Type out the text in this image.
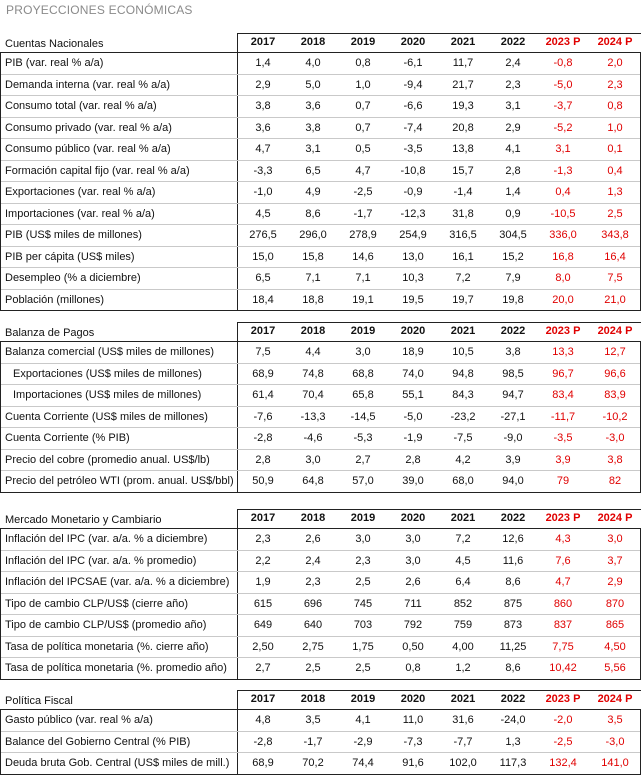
PROYECCIONES ECONÓMICAS
Cuentas Nacionales	2017	2018	2019	2020	2021	2022	2023 P	2024 P
PIB (var. real % a/a)	1,4	4,0	0,8	-6,1	11,7	2,4	-0,8	2,0
Demanda interna (var. real % a/a)	2,9	5,0	1,0	-9,4	21,7	2,3	-5,0	2,3
Consumo total (var. real % a/a)	3,8	3,6	0,7	-6,6	19,3	3,1	-3,7	0,8
Consumo privado (var. real % a/a)	3,6	3,8	0,7	-7,4	20,8	2,9	-5,2	1,0
Consumo público (var. real % a/a)	4,7	3,1	0,5	-3,5	13,8	4,1	3,1	0,1
Formación capital fijo (var. real % a/a)	-3,3	6,5	4,7	-10,8	15,7	2,8	-1,3	0,4
Exportaciones (var. real % a/a)	-1,0	4,9	-2,5	-0,9	-1,4	1,4	0,4	1,3
Importaciones (var. real % a/a)	4,5	8,6	-1,7	-12,3	31,8	0,9	-10,5	2,5
PIB (US$ miles de millones)	276,5	296,0	278,9	254,9	316,5	304,5	336,0	343,8
PIB per cápita (US$ miles)	15,0	15,8	14,6	13,0	16,1	15,2	16,8	16,4
Desempleo (% a diciembre)	6,5	7,1	7,1	10,3	7,2	7,9	8,0	7,5
Población (millones)	18,4	18,8	19,1	19,5	19,7	19,8	20,0	21,0
Balanza de Pagos	2017	2018	2019	2020	2021	2022	2023 P	2024 P
Balanza comercial (US$ miles de millones)	7,5	4,4	3,0	18,9	10,5	3,8	13,3	12,7
Exportaciones (US$ miles de millones)	68,9	74,8	68,8	74,0	94,8	98,5	96,7	96,6
Importaciones (US$ miles de millones)	61,4	70,4	65,8	55,1	84,3	94,7	83,4	83,9
Cuenta Corriente (US$ miles de millones)	-7,6	-13,3	-14,5	-5,0	-23,2	-27,1	-11,7	-10,2
Cuenta Corriente (% PIB)	-2,8	-4,6	-5,3	-1,9	-7,5	-9,0	-3,5	-3,0
Precio del cobre (promedio anual. US$/lb)	2,8	3,0	2,7	2,8	4,2	3,9	3,9	3,8
Precio del petróleo WTI (prom. anual. US$/bbl)	50,9	64,8	57,0	39,0	68,0	94,0	79	82
Mercado Monetario y Cambiario	2017	2018	2019	2020	2021	2022	2023 P	2024 P
Inflación del IPC (var. a/a. % a diciembre)	2,3	2,6	3,0	3,0	7,2	12,6	4,3	3,0
Inflación del IPC (var. a/a. % promedio)	2,2	2,4	2,3	3,0	4,5	11,6	7,6	3,7
Inflación del IPCSAE (var. a/a. % a diciembre)	1,9	2,3	2,5	2,6	6,4	8,6	4,7	2,9
Tipo de cambio CLP/US$ (cierre año)	615	696	745	711	852	875	860	870
Tipo de cambio CLP/US$ (promedio año)	649	640	703	792	759	873	837	865
Tasa de política monetaria (%. cierre año)	2,50	2,75	1,75	0,50	4,00	11,25	7,75	4,50
Tasa de política monetaria (%. promedio año)	2,7	2,5	2,5	0,8	1,2	8,6	10,42	5,56
Política Fiscal	2017	2018	2019	2020	2021	2022	2023 P	2024 P
Gasto público (var. real % a/a)	4,8	3,5	4,1	11,0	31,6	-24,0	-2,0	3,5
Balance del Gobierno Central (% PIB)	-2,8	-1,7	-2,9	-7,3	-7,7	1,3	-2,5	-3,0
Deuda bruta Gob. Central (US$ miles de mill.)	68,9	70,2	74,4	91,6	102,0	117,3	132,4	141,0
